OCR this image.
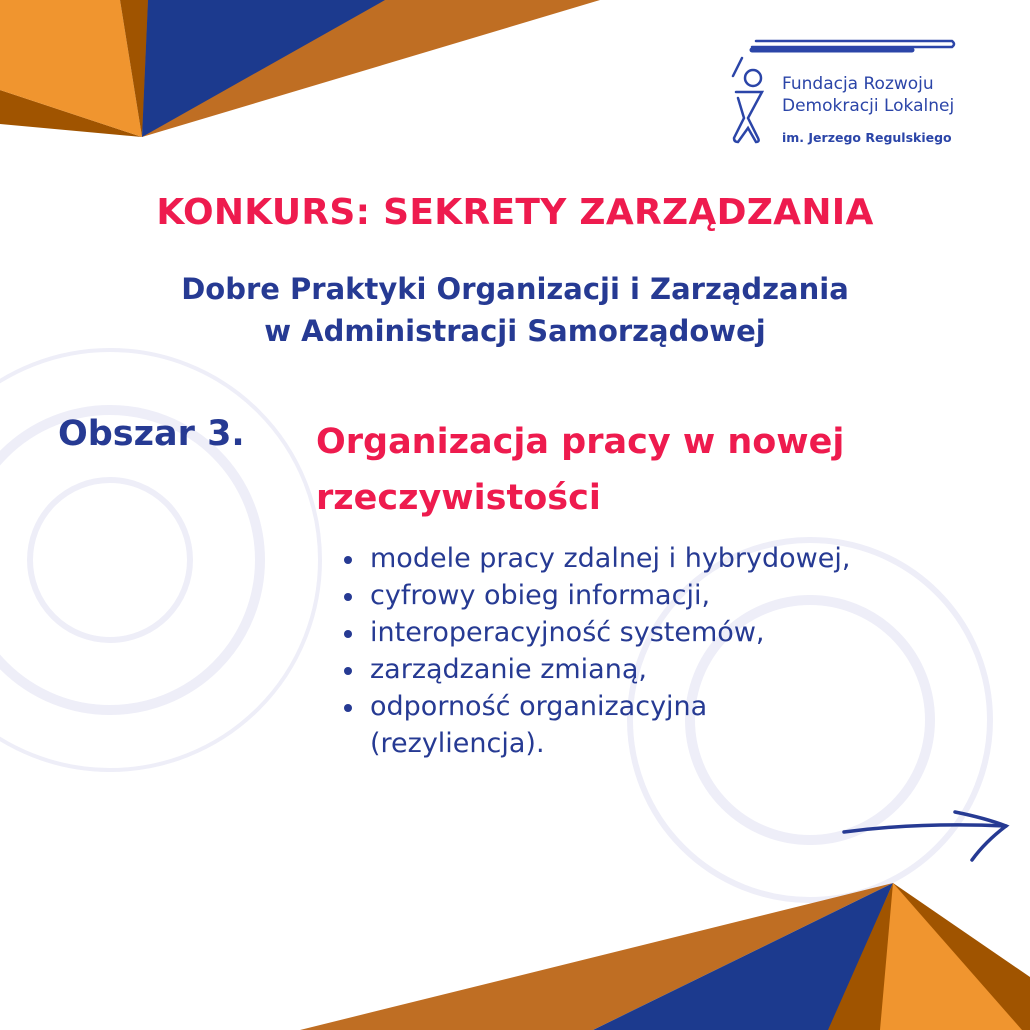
Fundacja Rozwoju
Demokracji Lokalnej
im. Jerzego Regulskiego
KONKURS: SEKRETY ZARZĄDZANIA
Dobre Praktyki Organizacji i Zarządzania
w Administracji Samorządowej
Obszar 3. Organizacja pracy w nowej rzeczywistości
modele pracy zdalnej i hybrydowej,
cyfrowy obieg informacji,
interoperacyjność systemów,
zarządzanie zmianą,
odporność organizacyjna (rezyliencja).
